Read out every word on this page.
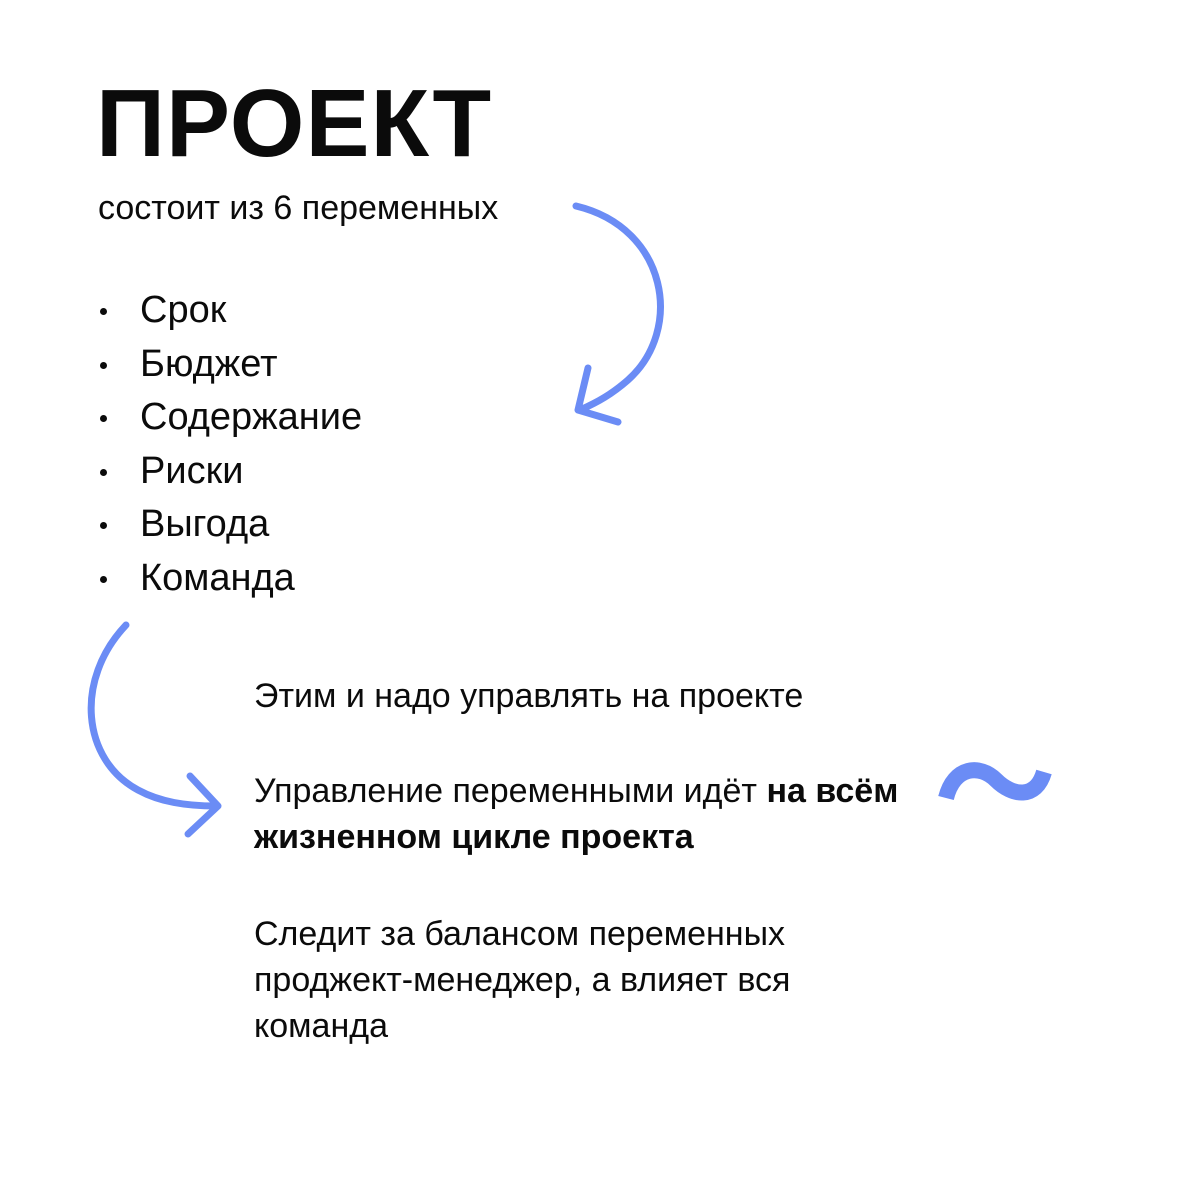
ПРОЕКТ
состоит из 6 переменных
Срок
Бюджет
Содержание
Риски
Выгода
Команда

Этим и надо управлять на проекте

Управление переменными идёт на всём жизненном цикле проекта

Следит за балансом переменных проджект-менеджер, а влияет вся команда
